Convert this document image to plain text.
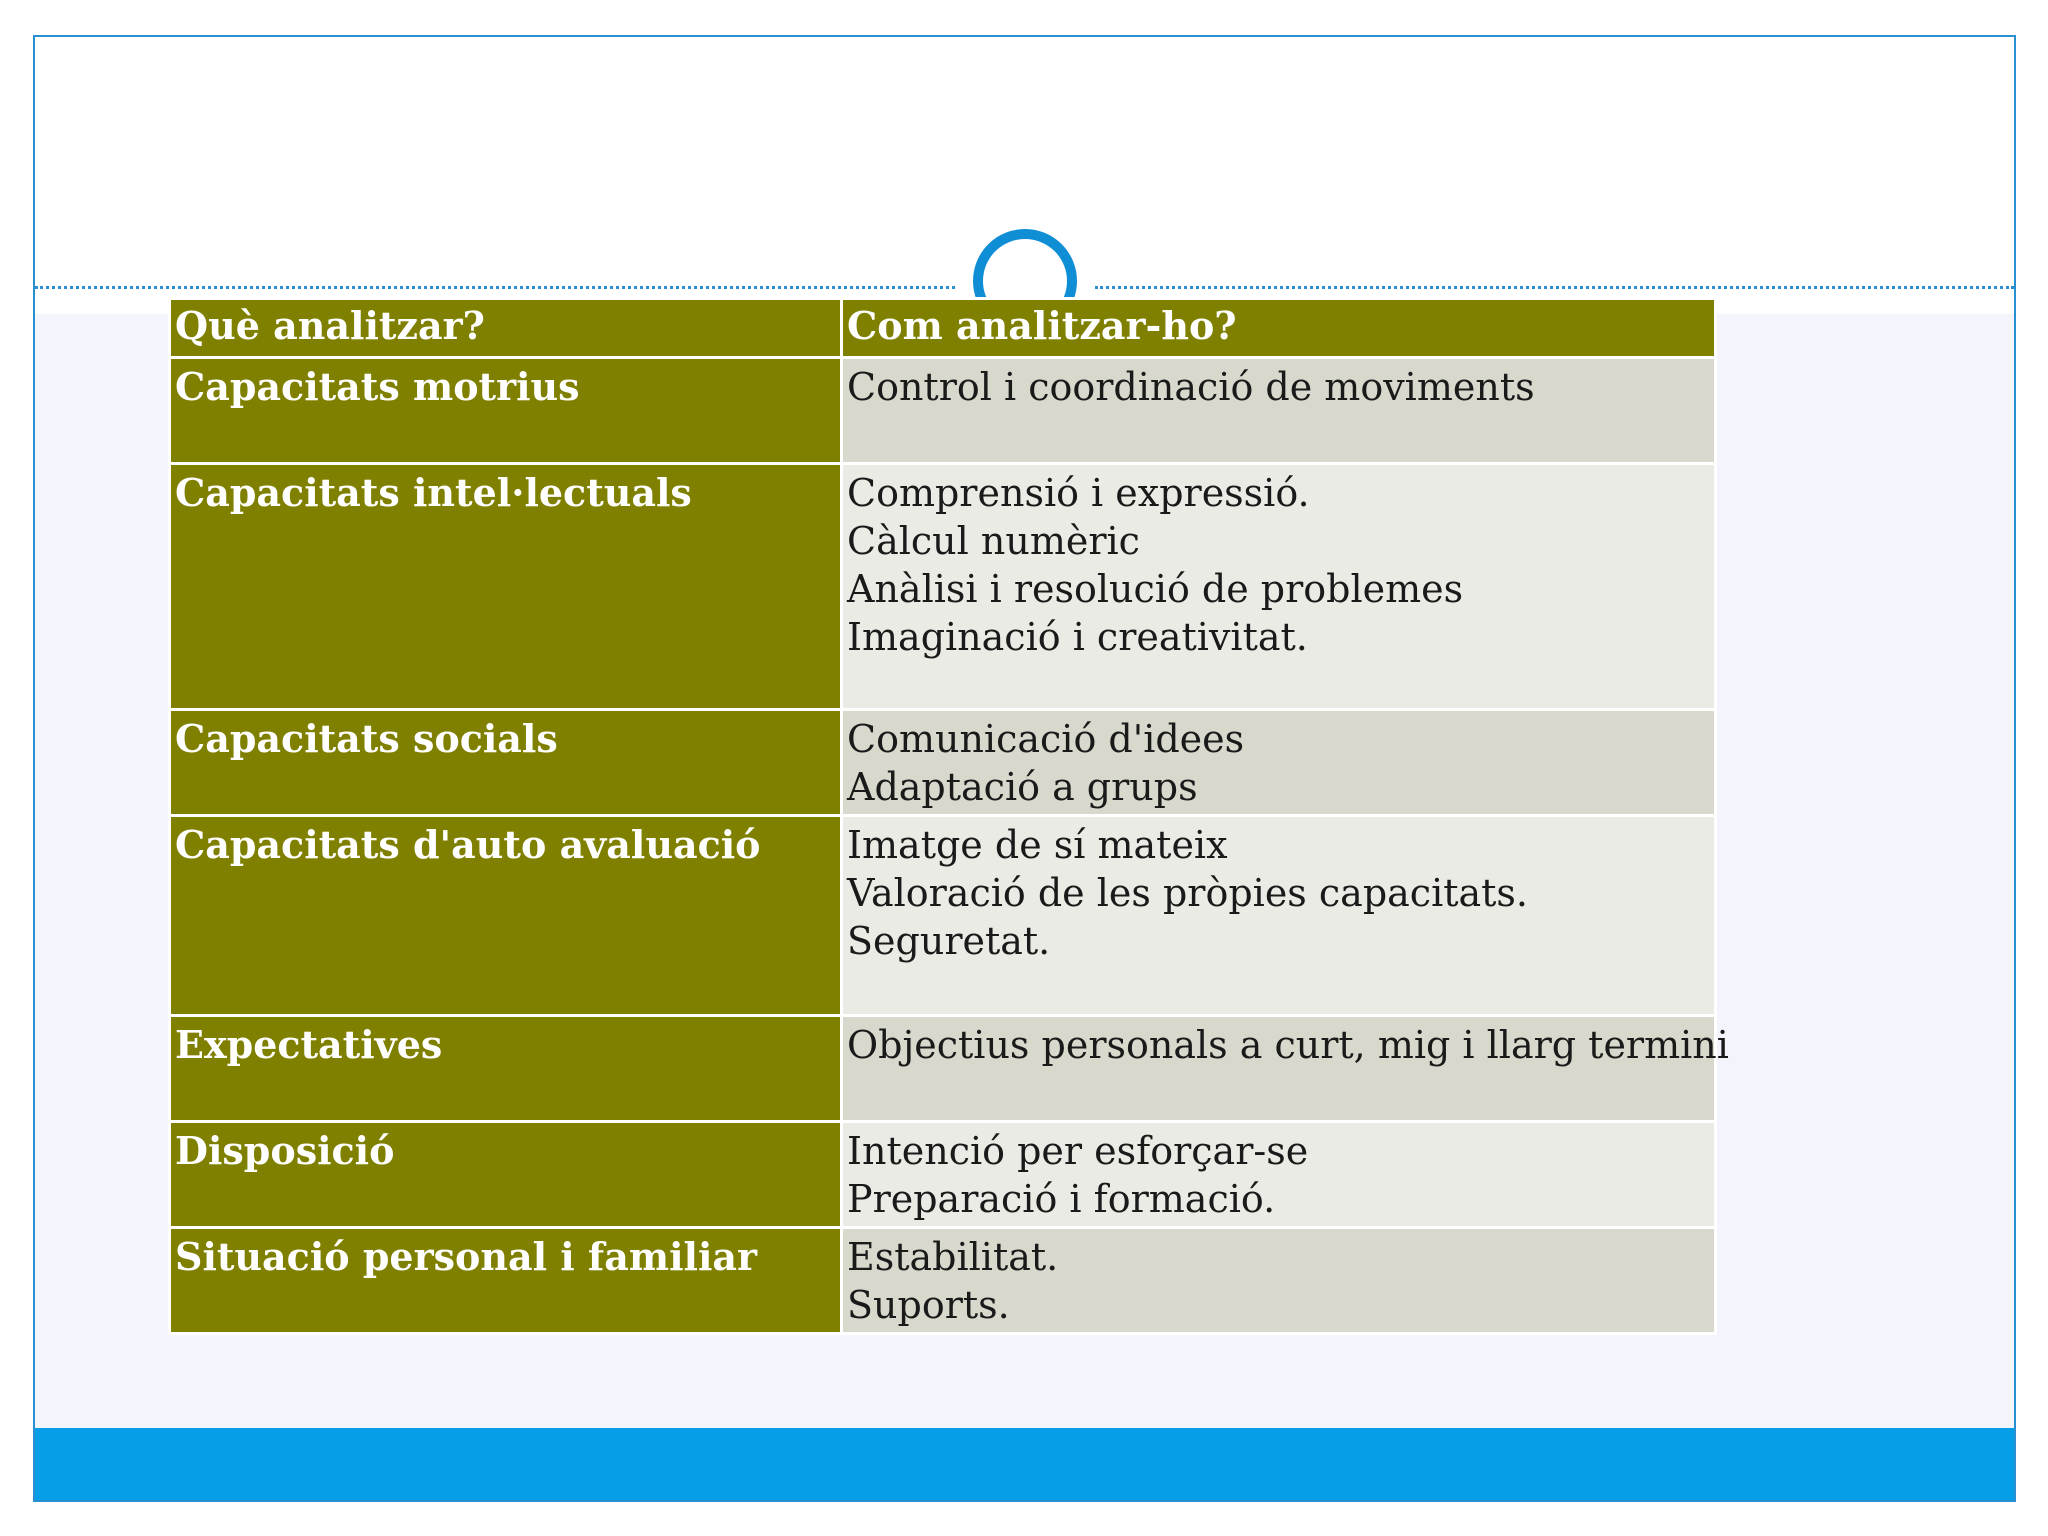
Què analitzar?	Com analitzar-ho?
Capacitats motrius	Control i coordinació de moviments

Capacitats intel·lectuals	Comprensió i expressió.
Càlcul numèric
Anàlisi i resolució de problemes
Imaginació i creativitat.

Capacitats socials	Comunicació d'idees
Adaptació a grups

Capacitats d'auto avaluació	Imatge de sí mateix
Valoració de les pròpies capacitats.
Seguretat.

Expectatives	Objectius personals a curt, mig i llarg termini

Disposició	Intenció per esforçar-se
Preparació i formació.

Situació personal i familiar	Estabilitat.
Suports.
